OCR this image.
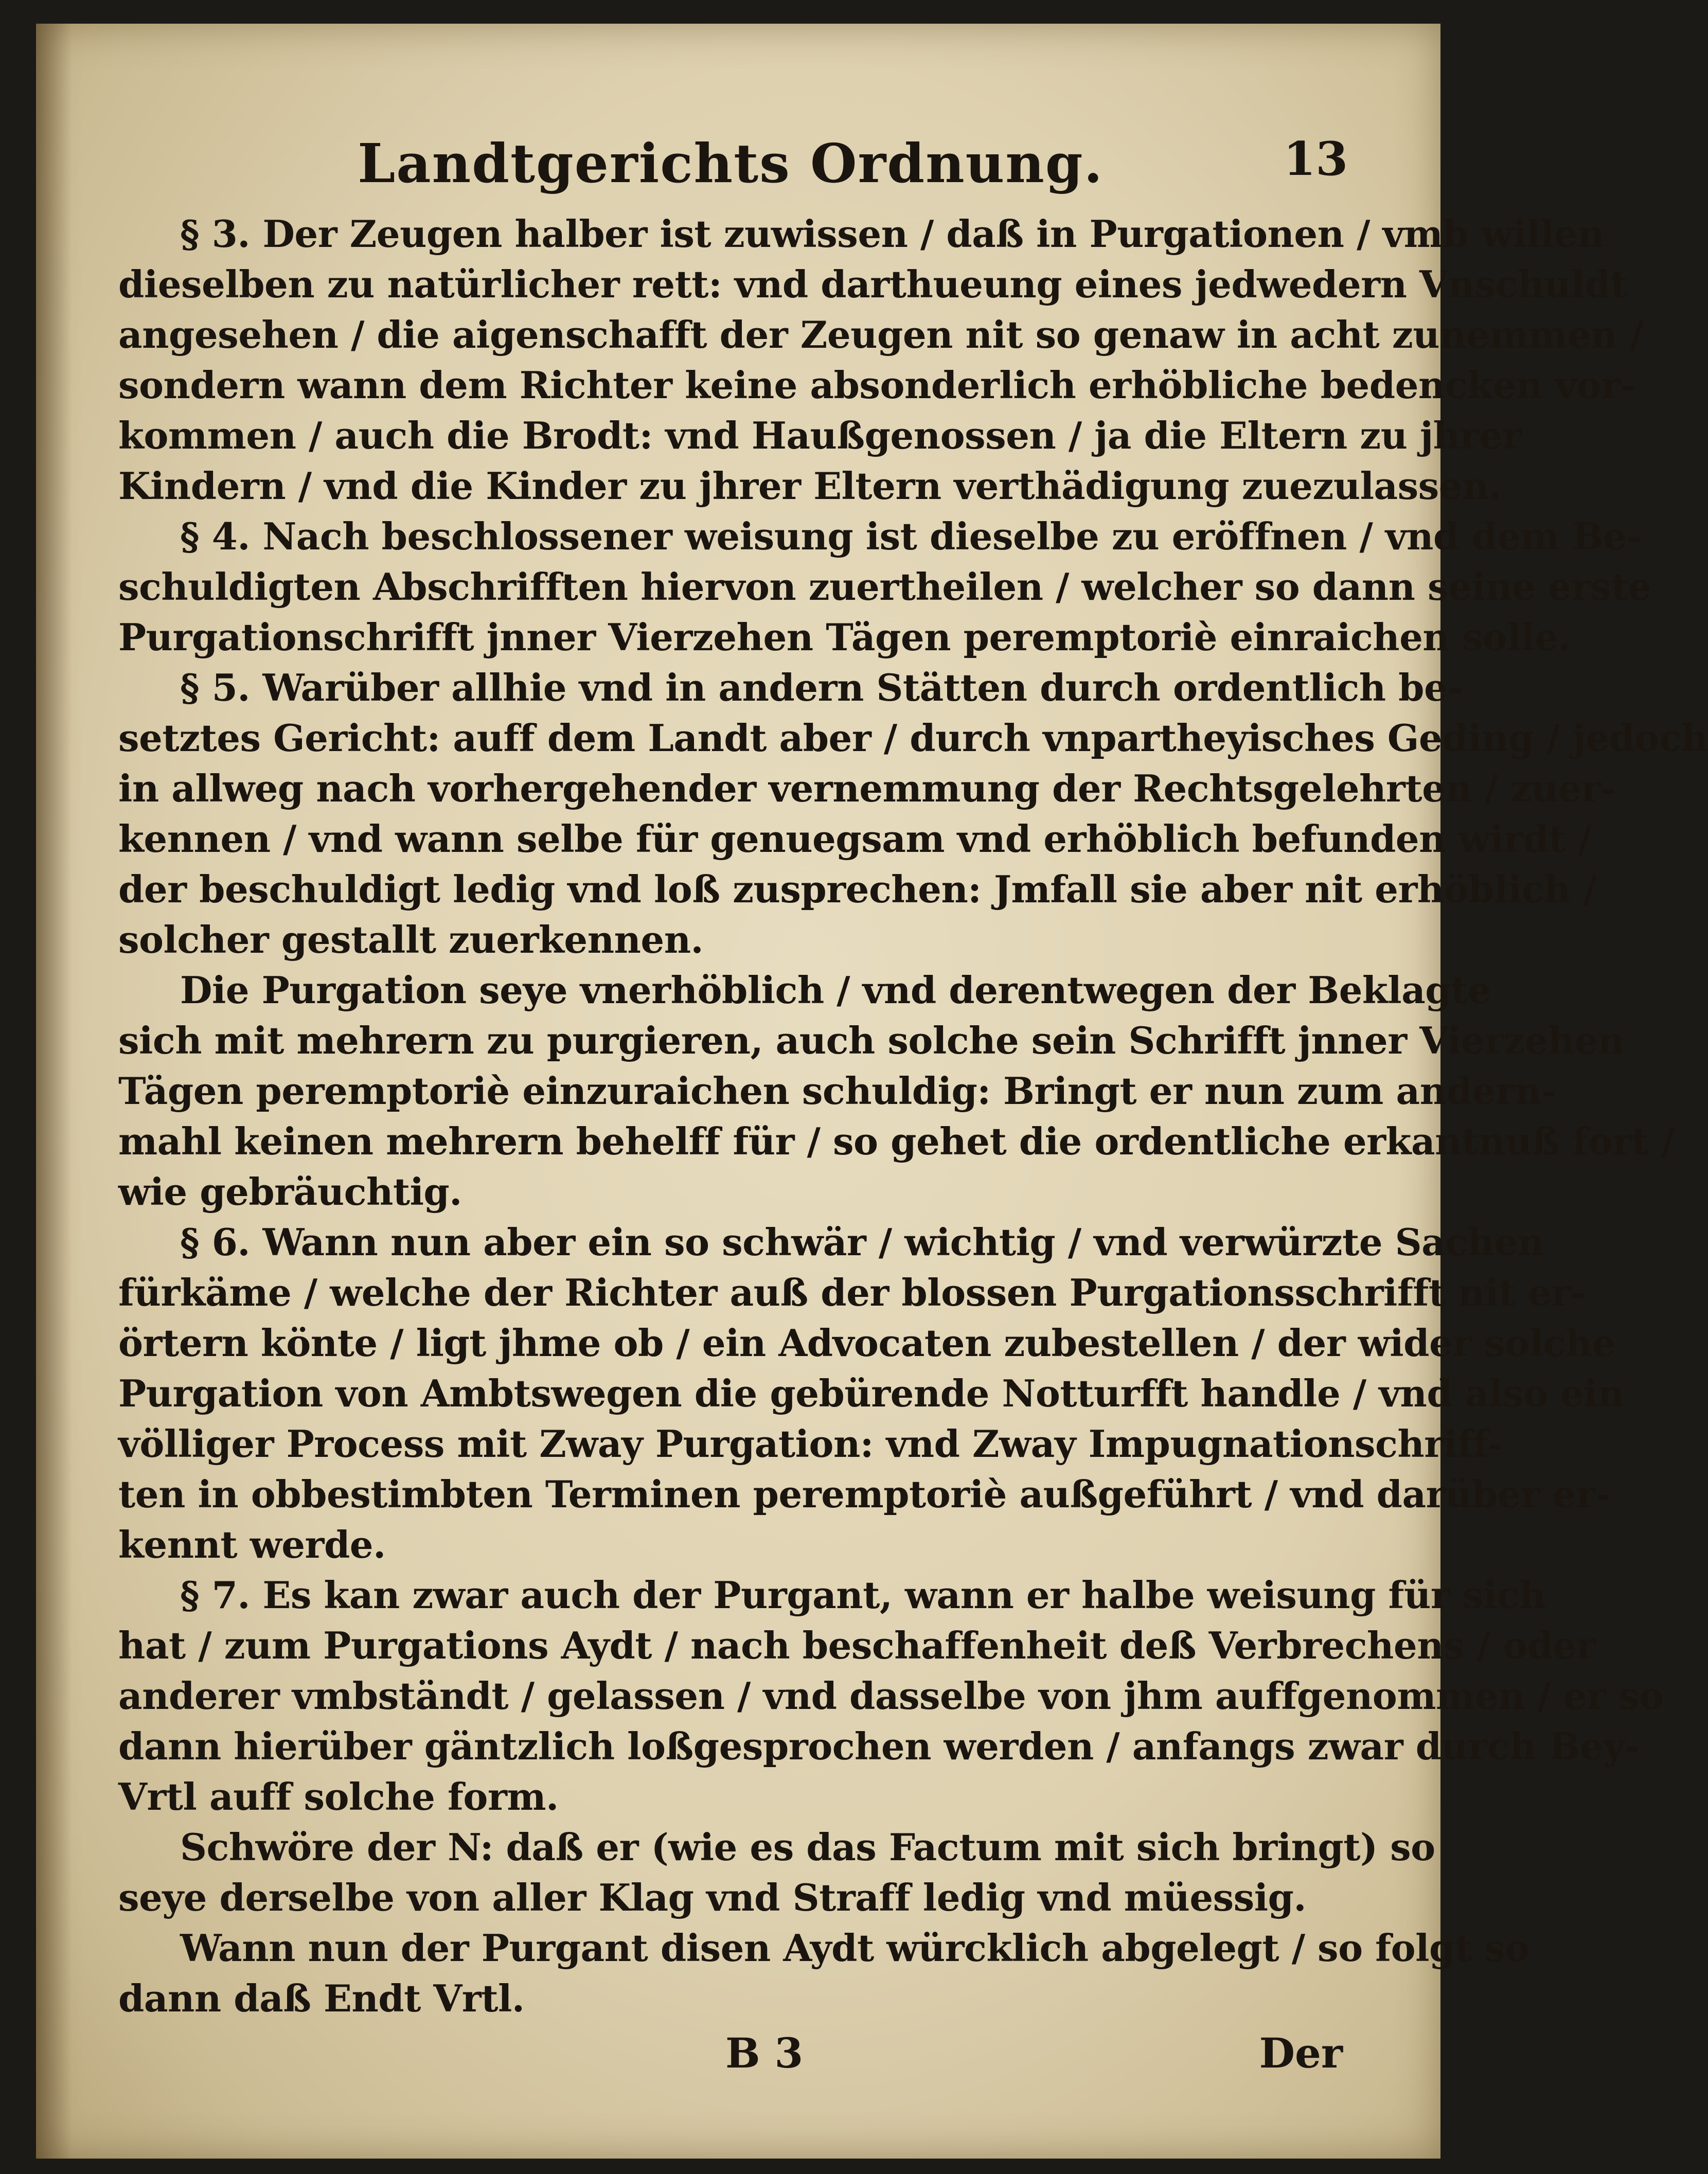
Landtgerichts Ordnung.	13
§ 3. Der Zeugen halber ist zuwissen / daß in Purgationen / vmb willen
dieselben zu natürlicher rett: vnd darthueung eines jedwedern Vnschuldt
angesehen / die aigenschafft der Zeugen nit so genaw in acht zunemmen /
sondern wann dem Richter keine absonderlich erhöbliche bedencken vor-
kommen / auch die Brodt: vnd Haußgenossen / ja die Eltern zu jhrer
Kindern / vnd die Kinder zu jhrer Eltern verthädigung zuezulassen.
§ 4. Nach beschlossener weisung ist dieselbe zu eröffnen / vnd dem Be-
schuldigten Abschrifften hiervon zuertheilen / welcher so dann seine erste
Purgationschrifft jnner Vierzehen Tägen peremptoriè einraichen solle.
§ 5. Warüber allhie vnd in andern Stätten durch ordentlich be-
setztes Gericht: auff dem Landt aber / durch vnpartheyisches Geding / jedoch
in allweg nach vorhergehender vernemmung der Rechtsgelehrten / zuer-
kennen / vnd wann selbe für genuegsam vnd erhöblich befunden wirdt /
der beschuldigt ledig vnd loß zusprechen: Jmfall sie aber nit erhöblich /
solcher gestallt zuerkennen.
Die Purgation seye vnerhöblich / vnd derentwegen der Beklagte
sich mit mehrern zu purgieren, auch solche sein Schrifft jnner Vierzehen
Tägen peremptoriè einzuraichen schuldig: Bringt er nun zum andern-
mahl keinen mehrern behelff für / so gehet die ordentliche erkantnuß fort /
wie gebräuchtig.
§ 6. Wann nun aber ein so schwär / wichtig / vnd verwürzte Sachen
fürkäme / welche der Richter auß der blossen Purgationsschrifft nit er-
örtern könte / ligt jhme ob / ein Advocaten zubestellen / der wider solche
Purgation von Ambtswegen die gebürende Notturfft handle / vnd also ein
völliger Process mit Zway Purgation: vnd Zway Impugnationschriff-
ten in obbestimbten Terminen peremptoriè außgeführt / vnd darüber er-
kennt werde.
§ 7. Es kan zwar auch der Purgant, wann er halbe weisung für sich
hat / zum Purgations Aydt / nach beschaffenheit deß Verbrechens / oder
anderer vmbständt / gelassen / vnd dasselbe von jhm auffgenommen / er so
dann hierüber gäntzlich loßgesprochen werden / anfangs zwar durch Bey-
Vrtl auff solche form.
Schwöre der N: daß er (wie es das Factum mit sich bringt) so
seye derselbe von aller Klag vnd Straff ledig vnd müessig.
Wann nun der Purgant disen Aydt würcklich abgelegt / so folgt so
dann daß Endt Vrtl.
B 3	Der
